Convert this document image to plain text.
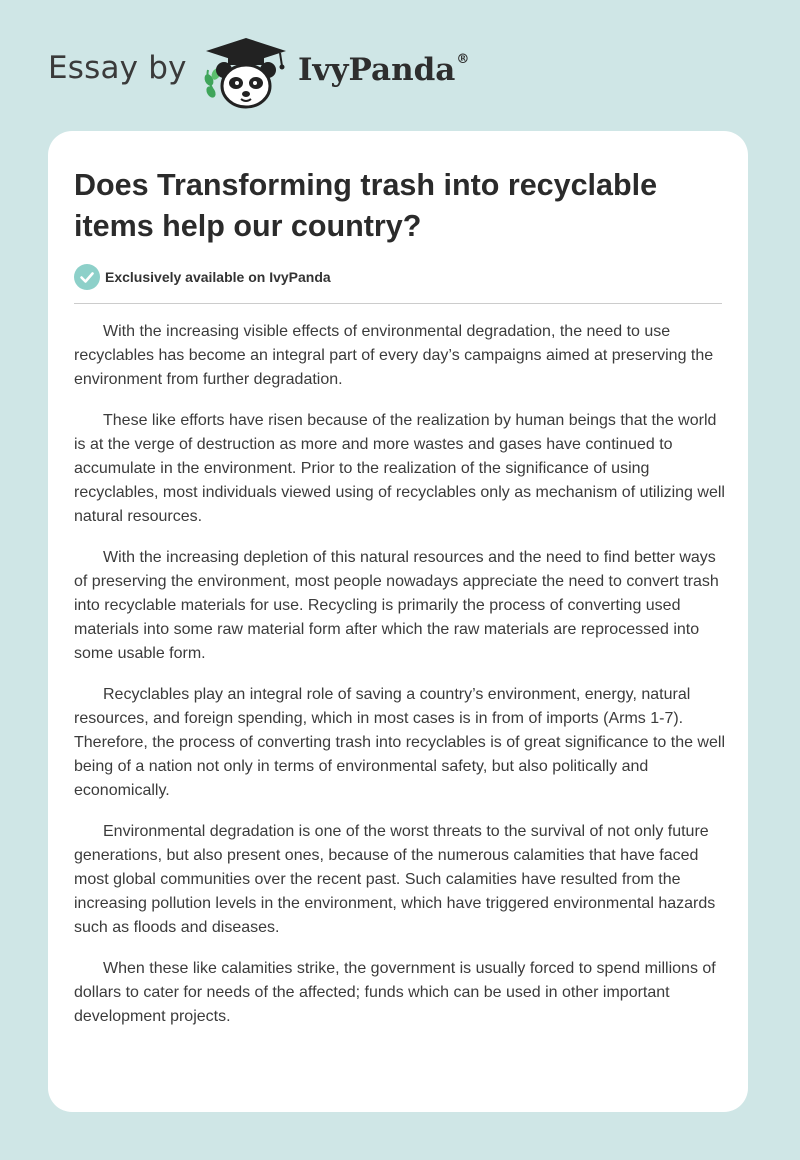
Essay by	IvyPanda®
Does Transforming trash into recyclable items help our country?
Exclusively available on IvyPanda

With the increasing visible effects of environmental degradation, the need to use recyclables has become an integral part of every day’s campaigns aimed at preserving the environment from further degradation.

These like efforts have risen because of the realization by human beings that the world is at the verge of destruction as more and more wastes and gases have continued to accumulate in the environment. Prior to the realization of the significance of using recyclables, most individuals viewed using of recyclables only as mechanism of utilizing well natural resources.

With the increasing depletion of this natural resources and the need to find better ways of preserving the environment, most people nowadays appreciate the need to convert trash into recyclable materials for use. Recycling is primarily the process of converting used materials into some raw material form after which the raw materials are reprocessed into some usable form.

Recyclables play an integral role of saving a country’s environment, energy, natural resources, and foreign spending, which in most cases is in from of imports (Arms 1-7). Therefore, the process of converting trash into recyclables is of great significance to the well being of a nation not only in terms of environmental safety, but also politically and economically.

Environmental degradation is one of the worst threats to the survival of not only future generations, but also present ones, because of the numerous calamities that have faced most global communities over the recent past. Such calamities have resulted from the increasing pollution levels in the environment, which have triggered environmental hazards such as floods and diseases.

When these like calamities strike, the government is usually forced to spend millions of dollars to cater for needs of the affected; funds which can be used in other important development projects.
